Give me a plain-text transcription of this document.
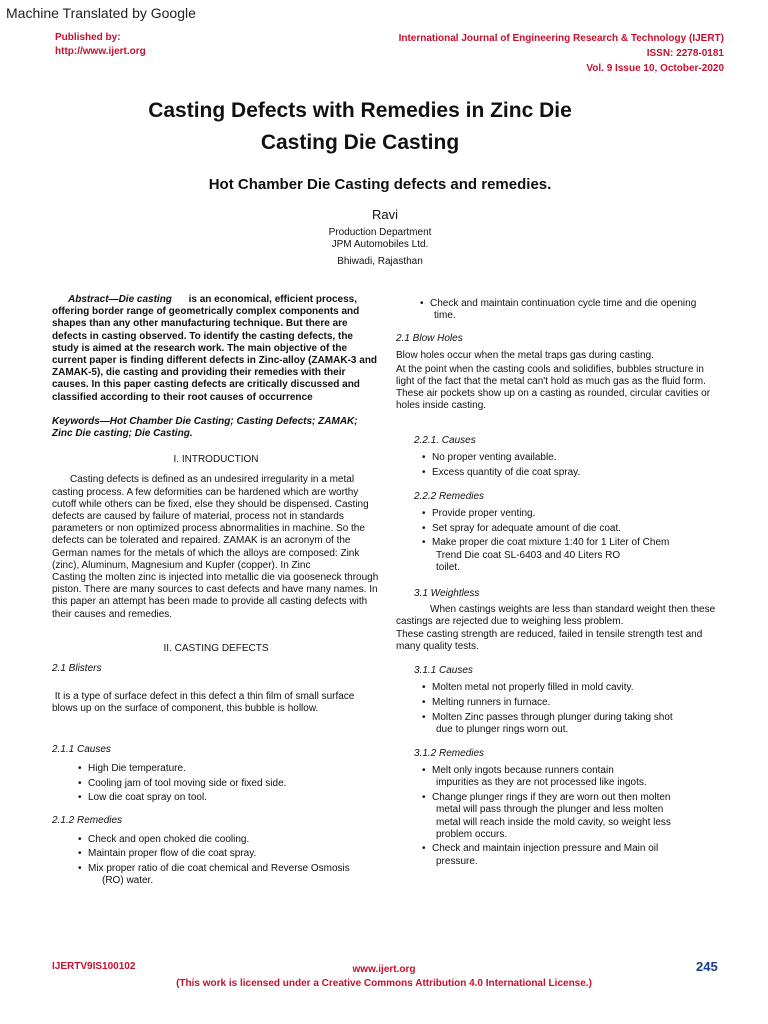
Machine Translated by Google
Published by:
http://www.ijert.org
International Journal of Engineering Research & Technology (IJERT)
ISSN: 2278-0181
Vol. 9 Issue 10, October-2020
Casting Defects with Remedies in Zinc Die
Casting Die Casting
Hot Chamber Die Casting defects and remedies.
Ravi
Production Department
JPM Automobiles Ltd.
Bhiwadi, Rajasthan

Abstract—Die casting is an economical, efficient process, offering border range of geometrically complex components and shapes than any other manufacturing technique. But there are defects in casting observed. To identify the casting defects, the study is aimed at the research work. The main objective of the current paper is finding different defects in Zinc-alloy (ZAMAK-3 and ZAMAK-5), die casting and providing their remedies with their causes. In this paper casting defects are critically discussed and classified according to their root causes of occurrence

Keywords—Hot Chamber Die Casting; Casting Defects; ZAMAK; Zinc Die casting; Die Casting.

I. INTRODUCTION

Casting defects is defined as an undesired irregularity in a metal casting process. A few deformities can be hardened which are worthy cutoff while others can be fixed, else they should be dispensed. Casting defects are caused by failure of material, process not in standards parameters or non optimized process abnormalities in machine. So the defects can be tolerated and repaired. ZAMAK is an acronym of the German names for the metals of which the alloys are composed: Zink (zinc), Aluminum, Magnesium and Kupfer (copper). In Zinc

Casting the molten zinc is injected into metallic die via gooseneck through piston. There are many sources to cast defects and have many names. In this paper an attempt has been made to provide all casting defects with their causes and remedies.

II. CASTING DEFECTS

2.1 Blisters

It is a type of surface defect in this defect a thin film of small surface blows up on the surface of component, this bubble is hollow.

2.1.1 Causes

• High Die temperature.
• Cooling jam of tool moving side or fixed side.
• Low die coat spray on tool.

2.1.2 Remedies

• Check and open choked die cooling.
• Maintain proper flow of die coat spray.
• Mix proper ratio of die coat chemical and Reverse Osmosis
(RO) water.
• Check and maintain continuation cycle time and die opening
time.

2.1 Blow Holes

Blow holes occur when the metal traps gas during casting.

At the point when the casting cools and solidifies, bubbles structure in light of the fact that the metal can't hold as much gas as the fluid form. These air pockets show up on a casting as rounded, circular cavities or holes inside casting.

2.2.1. Causes

• No proper venting available.
• Excess quantity of die coat spray.

2.2.2 Remedies

• Provide proper venting.
• Set spray for adequate amount of die coat.
• Make proper die coat mixture 1:40 for 1 Liter of Chem
Trend Die coat SL-6403 and 40 Liters RO
toilet.

3.1 Weightless

When castings weights are less than standard weight then these castings are rejected due to weighing less problem.

These casting strength are reduced, failed in tensile strength test and many quality tests.

3.1.1 Causes

• Molten metal not properly filled in mold cavity.
• Melting runners in furnace.
• Molten Zinc passes through plunger during taking shot
due to plunger rings worn out.

3.1.2 Remedies

• Melt only ingots because runners contain
impurities as they are not processed like ingots.
• Change plunger rings if they are worn out then molten
metal will pass through the plunger and less molten
metal will reach inside the mold cavity, so weight less
problem occurs.
• Check and maintain injection pressure and Main oil
pressure.
IJERTV9IS100102	www.ijert.org
(This work is licensed under a Creative Commons Attribution 4.0 International License.)
245
